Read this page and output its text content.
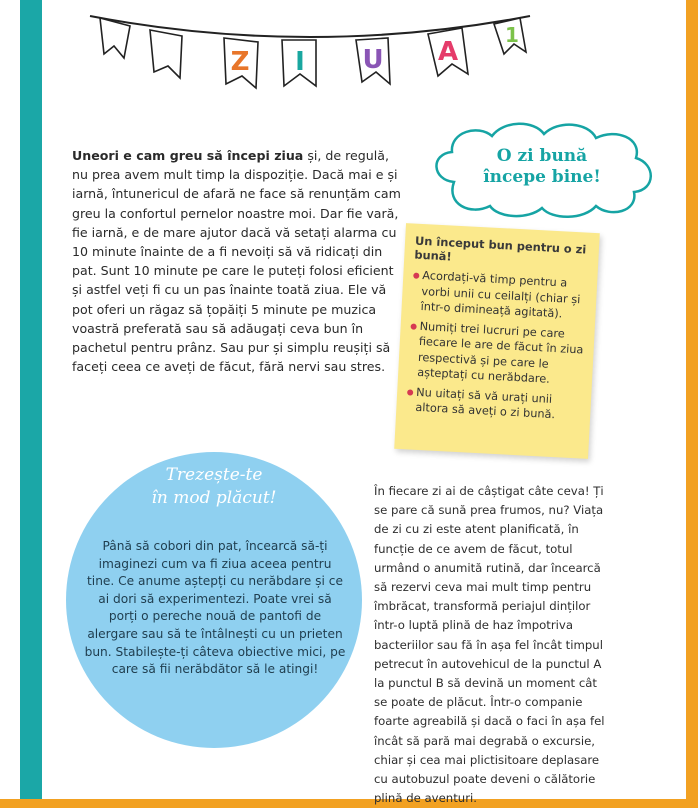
Z I U A
1
Uneori e cam greu să începi ziua și, de regulă, nu prea avem mult timp la dispoziție. Dacă mai e și iarnă, întunericul de afară ne face să renunțăm cam greu la confortul pernelor noastre moi. Dar fie vară, fie iarnă, e de mare ajutor dacă vă setați alarma cu 10 minute înainte de a fi nevoiți să vă ridicați din pat. Sunt 10 minute pe care le puteți folosi eficient și astfel veți fi cu un pas înainte toată ziua. Ele vă pot oferi un răgaz să țopăiți 5 minute pe muzica voastră preferată sau să adăugați ceva bun în pachetul pentru prânz. Sau pur și simplu reușiți să faceți ceea ce aveți de făcut, fără nervi sau stres.
O zi bună
începe bine!
Un început bun pentru o zi bună!
Acordați-vă timp pentru a vorbi unii cu ceilalți (chiar și într-o dimineață agitată).
Numiți trei lucruri pe care fiecare le are de făcut în ziua respectivă și pe care le așteptați cu nerăbdare.
Nu uitați să vă urați unii altora să aveți o zi bună.
Trezește-te
în mod plăcut!
Până să cobori din pat, încearcă să-ți imaginezi cum va fi ziua aceea pentru tine. Ce anume aștepți cu nerăbdare și ce ai dori să experimentezi. Poate vrei să porți o pereche nouă de pantofi de alergare sau să te întâlnești cu un prieten bun. Stabilește-ți câteva obiective mici, pe care să fii nerăbdător să le atingi!
În fiecare zi ai de câștigat câte ceva! Ți se pare că sună prea frumos, nu? Viața de zi cu zi este atent planificată, în funcție de ce avem de făcut, totul urmând o anumită rutină, dar încearcă să rezervi ceva mai mult timp pentru îmbrăcat, transformă periajul dinților într-o luptă plină de haz împotriva bacteriilor sau fă în așa fel încât timpul petrecut în autovehicul de la punctul A la punctul B să devină un moment cât se poate de plăcut. Într-o companie foarte agreabilă și dacă o faci în așa fel încât să pară mai degrabă o excursie, chiar și cea mai plictisitoare deplasare cu autobuzul poate deveni o călătorie plină de aventuri.
